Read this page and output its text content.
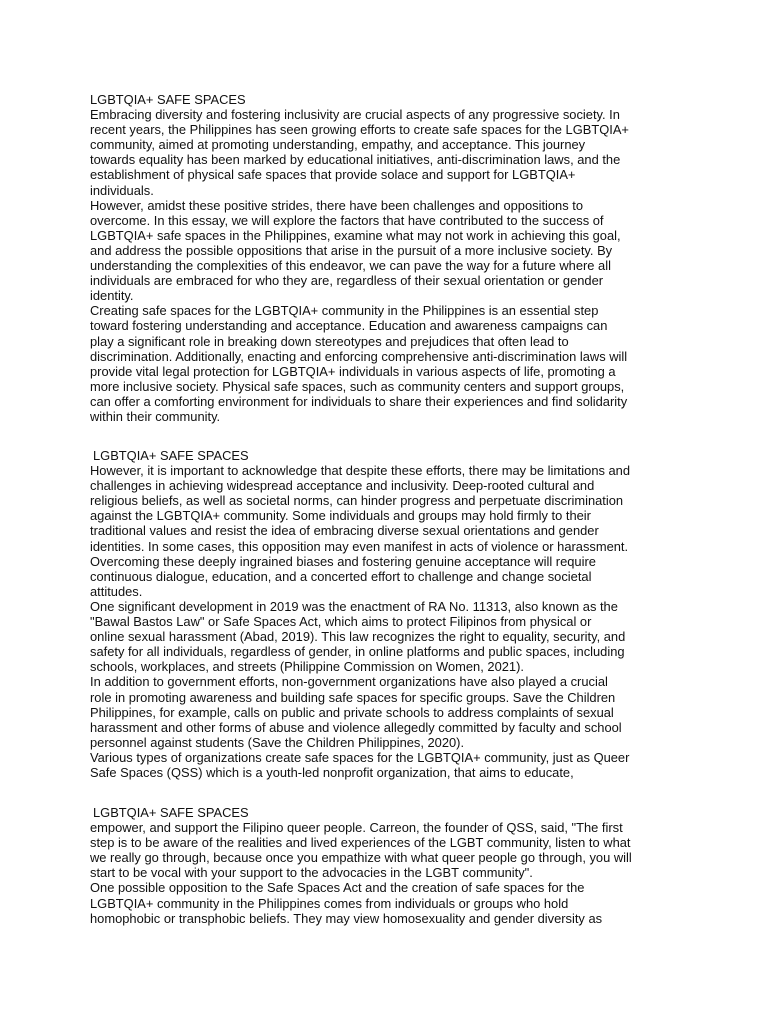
LGBTQIA+ SAFE SPACES
Embracing diversity and fostering inclusivity are crucial aspects of any progressive society. In
recent years, the Philippines has seen growing efforts to create safe spaces for the LGBTQIA+
community, aimed at promoting understanding, empathy, and acceptance. This journey
towards equality has been marked by educational initiatives, anti-discrimination laws, and the
establishment of physical safe spaces that provide solace and support for LGBTQIA+
individuals.
However, amidst these positive strides, there have been challenges and oppositions to
overcome. In this essay, we will explore the factors that have contributed to the success of
LGBTQIA+ safe spaces in the Philippines, examine what may not work in achieving this goal,
and address the possible oppositions that arise in the pursuit of a more inclusive society. By
understanding the complexities of this endeavor, we can pave the way for a future where all
individuals are embraced for who they are, regardless of their sexual orientation or gender
identity.
Creating safe spaces for the LGBTQIA+ community in the Philippines is an essential step
toward fostering understanding and acceptance. Education and awareness campaigns can
play a significant role in breaking down stereotypes and prejudices that often lead to
discrimination. Additionally, enacting and enforcing comprehensive anti-discrimination laws will
provide vital legal protection for LGBTQIA+ individuals in various aspects of life, promoting a
more inclusive society. Physical safe spaces, such as community centers and support groups,
can offer a comforting environment for individuals to share their experiences and find solidarity
within their community.
LGBTQIA+ SAFE SPACES
However, it is important to acknowledge that despite these efforts, there may be limitations and
challenges in achieving widespread acceptance and inclusivity. Deep-rooted cultural and
religious beliefs, as well as societal norms, can hinder progress and perpetuate discrimination
against the LGBTQIA+ community. Some individuals and groups may hold firmly to their
traditional values and resist the idea of embracing diverse sexual orientations and gender
identities. In some cases, this opposition may even manifest in acts of violence or harassment.
Overcoming these deeply ingrained biases and fostering genuine acceptance will require
continuous dialogue, education, and a concerted effort to challenge and change societal
attitudes.
One significant development in 2019 was the enactment of RA No. 11313, also known as the
"Bawal Bastos Law" or Safe Spaces Act, which aims to protect Filipinos from physical or
online sexual harassment (Abad, 2019). This law recognizes the right to equality, security, and
safety for all individuals, regardless of gender, in online platforms and public spaces, including
schools, workplaces, and streets (Philippine Commission on Women, 2021).
In addition to government efforts, non-government organizations have also played a crucial
role in promoting awareness and building safe spaces for specific groups. Save the Children
Philippines, for example, calls on public and private schools to address complaints of sexual
harassment and other forms of abuse and violence allegedly committed by faculty and school
personnel against students (Save the Children Philippines, 2020).
Various types of organizations create safe spaces for the LGBTQIA+ community, just as Queer
Safe Spaces (QSS) which is a youth-led nonprofit organization, that aims to educate,
LGBTQIA+ SAFE SPACES
empower, and support the Filipino queer people. Carreon, the founder of QSS, said, "The first
step is to be aware of the realities and lived experiences of the LGBT community, listen to what
we really go through, because once you empathize with what queer people go through, you will
start to be vocal with your support to the advocacies in the LGBT community".
One possible opposition to the Safe Spaces Act and the creation of safe spaces for the
LGBTQIA+ community in the Philippines comes from individuals or groups who hold
homophobic or transphobic beliefs. They may view homosexuality and gender diversity as
